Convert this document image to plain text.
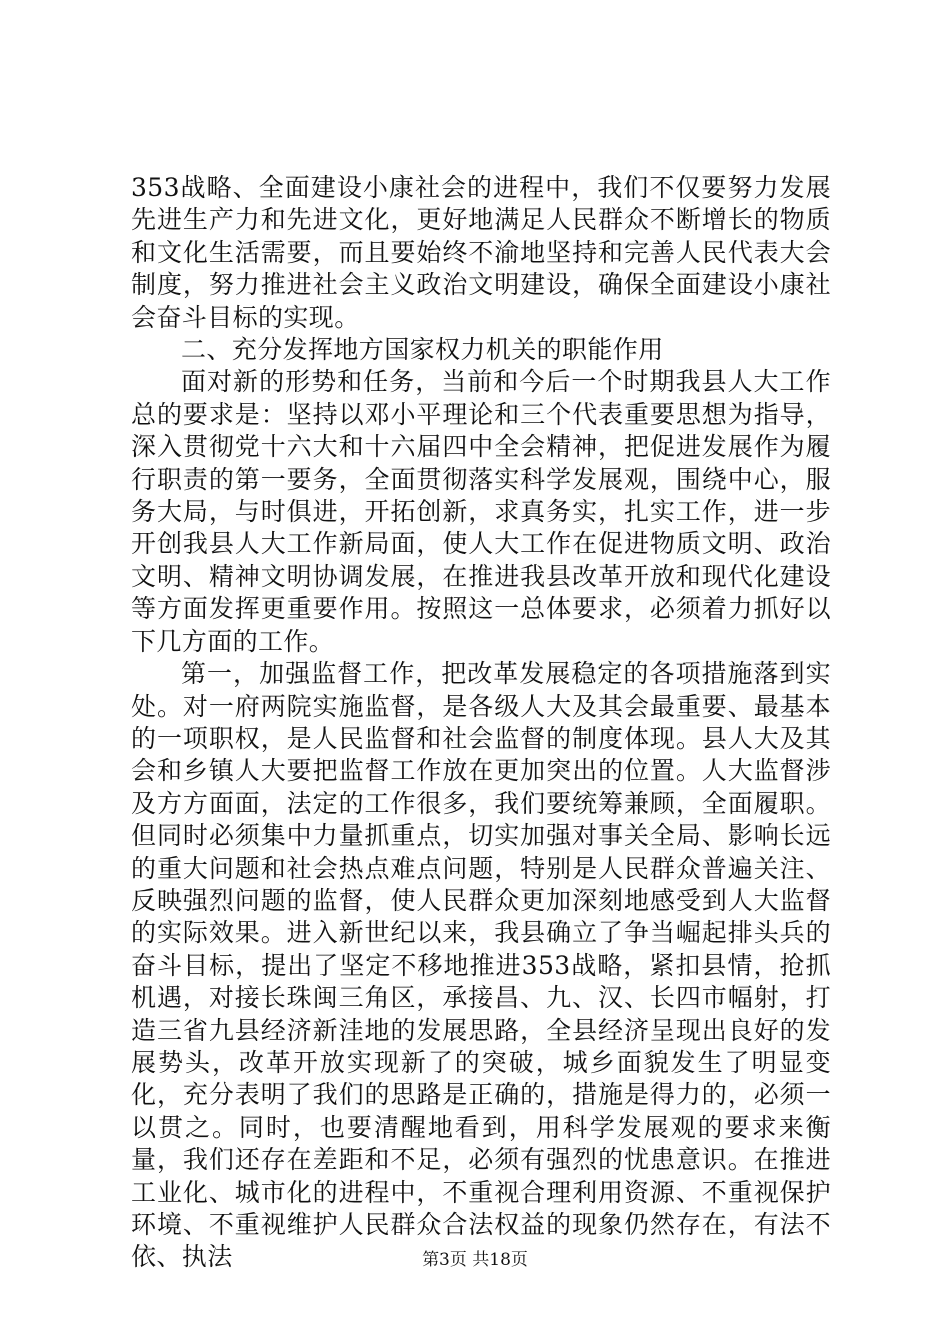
353战略、全面建设小康社会的进程中，我们不仅要努力发展先进生产力和先进文化，更好地满足人民群众不断增长的物质和文化生活需要，而且要始终不渝地坚持和完善人民代表大会制度，努力推进社会主义政治文明建设，确保全面建设小康社会奋斗目标的实现。

二、充分发挥地方国家权力机关的职能作用

面对新的形势和任务，当前和今后一个时期我县人大工作总的要求是：坚持以邓小平理论和三个代表重要思想为指导，深入贯彻党十六大和十六届四中全会精神，把促进发展作为履行职责的第一要务，全面贯彻落实科学发展观，围绕中心，服务大局，与时俱进，开拓创新，求真务实，扎实工作，进一步开创我县人大工作新局面，使人大工作在促进物质文明、政治文明、精神文明协调发展，在推进我县改革开放和现代化建设等方面发挥更重要作用。按照这一总体要求，必须着力抓好以下几方面的工作。

第一，加强监督工作，把改革发展稳定的各项措施落到实处。对一府两院实施监督，是各级人大及其会最重要、最基本的一项职权，是人民监督和社会监督的制度体现。县人大及其会和乡镇人大要把监督工作放在更加突出的位置。人大监督涉及方方面面，法定的工作很多，我们要统筹兼顾，全面履职。但同时必须集中力量抓重点，切实加强对事关全局、影响长远的重大问题和社会热点难点问题，特别是人民群众普遍关注、反映强烈问题的监督，使人民群众更加深刻地感受到人大监督的实际效果。进入新世纪以来，我县确立了争当崛起排头兵的奋斗目标，提出了坚定不移地推进353战略，紧扣县情，抢抓机遇，对接长珠闽三角区，承接昌、九、汉、长四市幅射，打造三省九县经济新洼地的发展思路，全县经济呈现出良好的发展势头，改革开放实现新了的突破，城乡面貌发生了明显变化，充分表明了我们的思路是正确的，措施是得力的，必须一以贯之。同时，也要清醒地看到，用科学发展观的要求来衡量，我们还存在差距和不足，必须有强烈的忧患意识。在推进工业化、城市化的进程中，不重视合理利用资源、不重视保护环境、不重视维护人民群众合法权益的现象仍然存在，有法不依、执法	第3页 共18页
